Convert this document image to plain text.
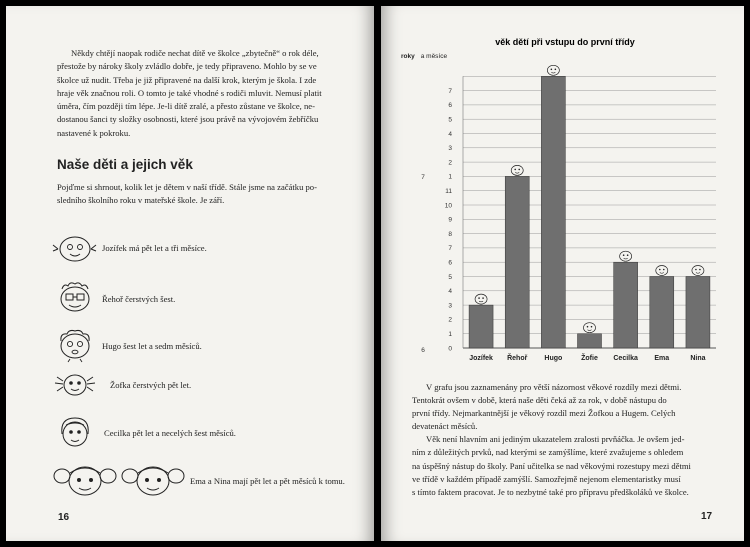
Někdy chtějí naopak rodiče nechat dítě ve školce „zbytečně“ o rok déle,
přestože by nároky školy zvládlo dobře, je tedy připraveno. Mohlo by se ve
školce už nudit. Třeba je již připravené na další krok, kterým je škola. I zde
hraje věk značnou roli. O tomto je také vhodné s rodiči mluvit. Nemusí platit
úměra, čím později tím lépe. Je-li dítě zralé, a přesto zůstane ve školce, ne-
dostanou šanci ty složky osobnosti, které jsou právě na vývojovém žebříčku
nastavené k pokroku.

Naše děti a jejich věk

Pojďme si shrnout, kolik let je dětem v naší třídě. Stále jsme na začátku po-
sledního školního roku v mateřské škole. Je září.

Jozífek má pět let a tři měsíce.
Řehoř čerstvých šest.
Hugo šest let a sedm měsíců.
Žofka čerstvých pět let.
Cecilka pět let a necelých šest měsíců.
Ema a Nina mají pět let a pět měsíců k tomu.
16
věk dětí při vstupu do první třídy
roky a měsíce
0
1
2
3
4
5
6
7
8
9
10
11
1
2
3
4
5
6
7
Jozífek Řehoř Hugo	Žofie Cecilka Ema	Nina
7
6

V grafu jsou zaznamenány pro větší názornost věkové rozdíly mezi dětmi.
Tentokrát ovšem v době, která naše děti čeká až za rok, v době nástupu do
první třídy. Nejmarkantnější je věkový rozdíl mezi Žofkou a Hugem. Celých
devatenáct měsíců.
Věk není hlavním ani jediným ukazatelem zralosti prvňáčka. Je ovšem jed-
ním z důležitých prvků, nad kterými se zamýšlíme, které zvažujeme s ohledem
na úspěšný nástup do školy. Paní učitelka se nad věkovými rozestupy mezi dětmi
ve třídě v každém případě zamýšlí. Samozřejmě nejenom elementaristky musí
s tímto faktem pracovat. Je to nezbytné také pro přípravu předškoláků ve školce.

17
